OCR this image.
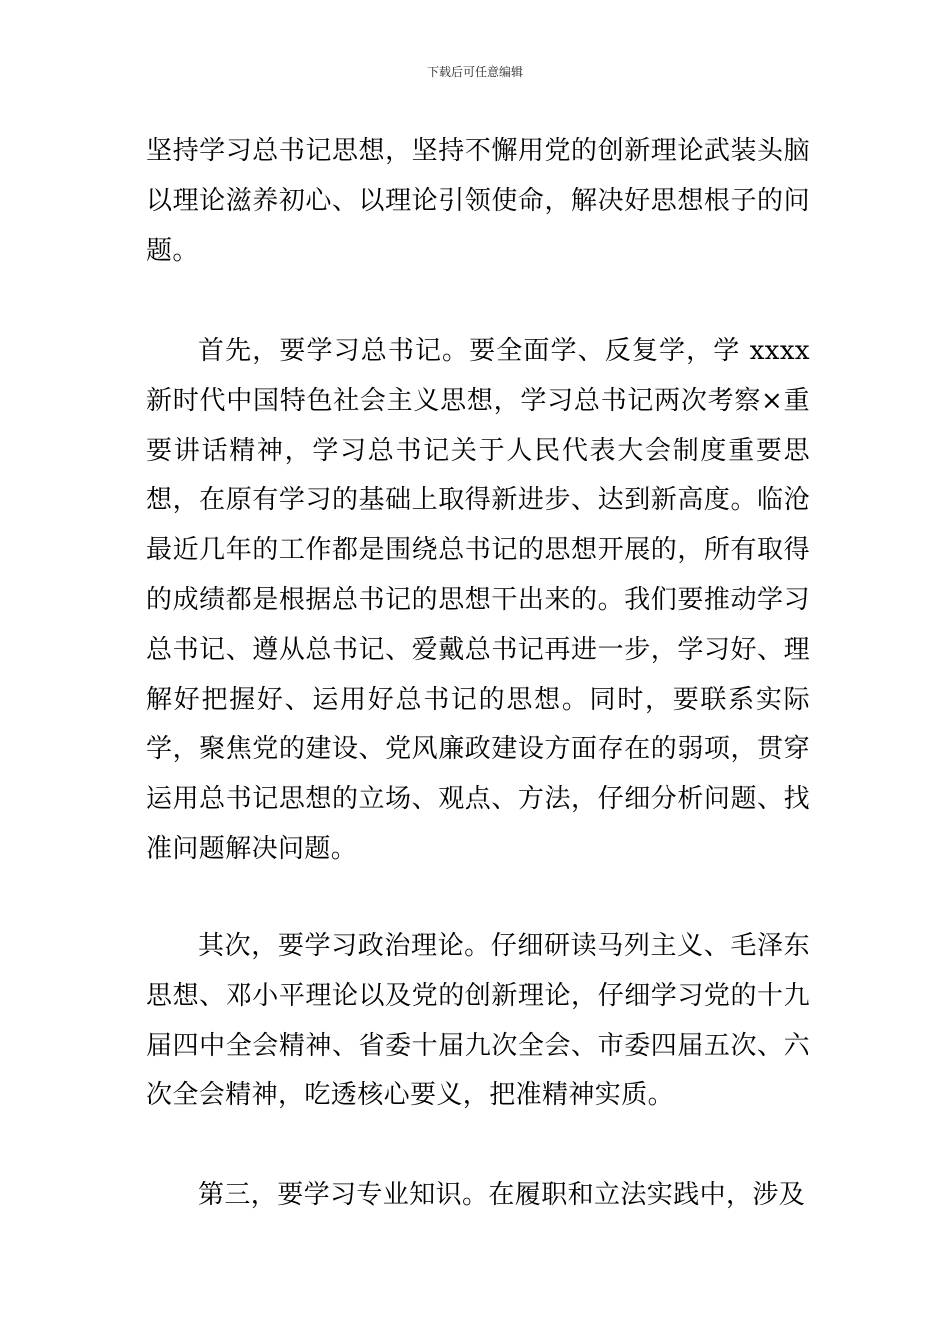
下载后可任意编辑

坚持学习总书记思想，坚持不懈用党的创新理论武装头脑以理论滋养初心、以理论引领使命，解决好思想根子的问题。

首先，要学习总书记。要全面学、反复学，学 xxxx 新时代中国特色社会主义思想，学习总书记两次考察×重要讲话精神，学习总书记关于人民代表大会制度重要思想，在原有学习的基础上取得新进步、达到新高度。临沧最近几年的工作都是围绕总书记的思想开展的，所有取得的成绩都是根据总书记的思想干出来的。我们要推动学习总书记、遵从总书记、爱戴总书记再进一步，学习好、理解好把握好、运用好总书记的思想。同时，要联系实际学，聚焦党的建设、党风廉政建设方面存在的弱项，贯穿运用总书记思想的立场、观点、方法，仔细分析问题、找准问题解决问题。

其次，要学习政治理论。仔细研读马列主义、毛泽东思想、邓小平理论以及党的创新理论，仔细学习党的十九届四中全会精神、省委十届九次全会、市委四届五次、六次全会精神，吃透核心要义，把准精神实质。

第三，要学习专业知识。在履职和立法实践中，涉及
